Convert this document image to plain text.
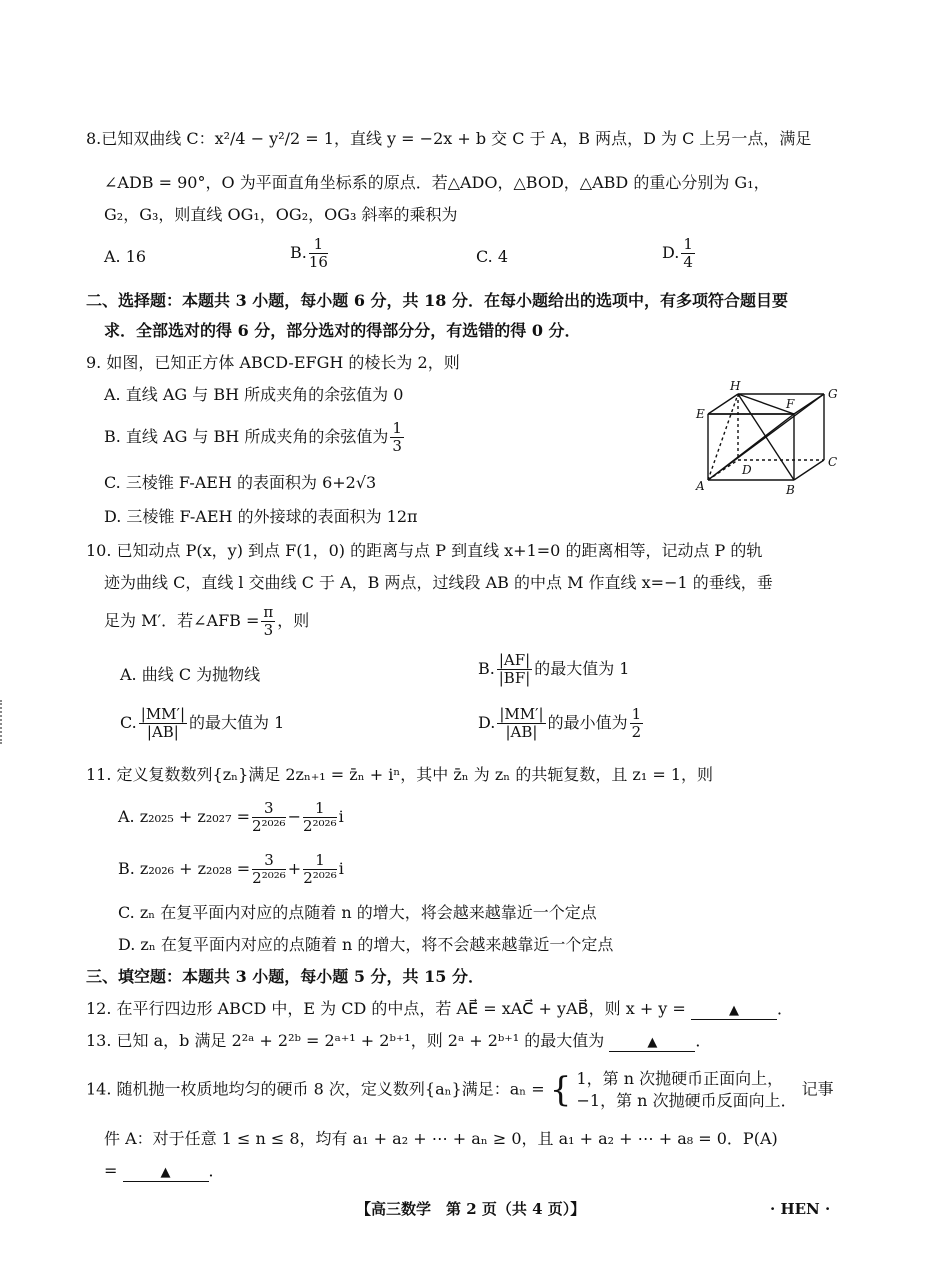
8.已知双曲线 C：x²/4 − y²/2 = 1，直线 y = −2x + b 交 C 于 A，B 两点，D 为 C 上另一点，满足
∠ADB = 90°，O 为平面直角坐标系的原点．若△ADO，△BOD，△ABD 的重心分别为 G₁，
G₂，G₃，则直线 OG₁，OG₂，OG₃ 斜率的乘积为
A. 16	B. $\frac{1}{16}$	C. 4	D. $\frac{1}{4}$
二、选择题：本题共 3 小题，每小题 6 分，共 18 分．在每小题给出的选项中，有多项符合题目要
求．全部选对的得 6 分，部分选对的得部分分，有选错的得 0 分．
9. 如图，已知正方体 ABCD-EFGH 的棱长为 2，则
A. 直线 AG 与 BH 所成夹角的余弦值为 0
B. 直线 AG 与 BH 所成夹角的余弦值为 $\frac{1}{3}$
C. 三棱锥 F-AEH 的表面积为 6+2√3
D. 三棱锥 F-AEH 的外接球的表面积为 12π
H
G
E
F
D
C
A	B
10. 已知动点 P(x，y) 到点 F(1，0) 的距离与点 P 到直线 x+1=0 的距离相等，记动点 P 的轨
迹为曲线 C，直线 l 交曲线 C 于 A，B 两点，过线段 AB 的中点 M 作直线 x=−1 的垂线，垂
足为 M′．若∠AFB = $\frac{\pi}{3}$ ，则
A. 曲线 C 为抛物线	B. $\frac{|AF|}{|BF|}$ 的最大值为 1
C. $\frac{|MM'|}{|AB|}$ 的最大值为 1	D. $\frac{|MM'|}{|AB|}$ 的最小值为 $\frac{1}{2}$
11. 定义复数数列{zₙ}满足 2zₙ₊₁ = z̄ₙ + iⁿ，其中 z̄ₙ 为 zₙ 的共轭复数，且 z₁ = 1，则
A. $z_{2025} + z_{2027} = \frac{3}{\text{2²⁰²⁶}} - \frac{1}{\text{2²⁰²⁶}}$ i
B. $z_{2026} + z_{2028} = \frac{3}{\text{2²⁰²⁶}} + \frac{1}{\text{2²⁰²⁶}}$ i
C. zₙ 在复平面内对应的点随着 n 的增大，将会越来越靠近一个定点
D. zₙ 在复平面内对应的点随着 n 的增大，将不会越来越靠近一个定点
三、填空题：本题共 3 小题，每小题 5 分，共 15 分．
12. 在平行四边形 ABCD 中，E 为 CD 的中点，若 AE⃗ = xAC⃗ + yAB⃗，则 x + y =	▲ ．
13. 已知 a，b 满足 2²ᵃ + 2²ᵇ = 2ᵃ⁺¹ + 2ᵇ⁺¹，则 2ᵃ + 2ᵇ⁺¹ 的最大值为	▲ ．
14. 随机抛一枚质地均匀的硬币 8 次，定义数列{aₙ}满足：aₙ = { 1，第 n 次抛硬币正面向上，
−1，第 n 次抛硬币反面向上．
记事
件 A：对于任意 1 ≤ n ≤ 8，均有 a₁ + a₂ + ⋯ + aₙ ≥ 0，且 a₁ + a₂ + ⋯ + a₈ = 0．P(A)
=	▲ ．
【高三数学　第 2 页（共 4 页）】	· HEN ·
